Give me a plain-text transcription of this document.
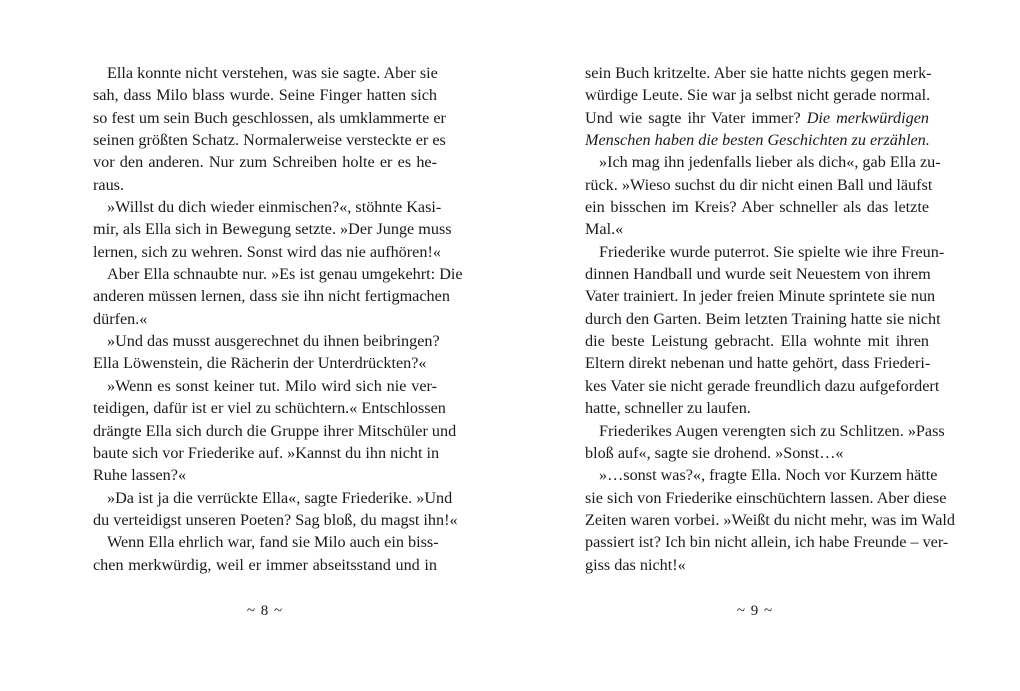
Ella konnte nicht verstehen, was sie sagte. Aber sie
sah, dass Milo blass wurde. Seine Finger hatten sich
so fest um sein Buch geschlossen, als umklammerte er
seinen größten Schatz. Normalerweise versteckte er es
vor den anderen. Nur zum Schreiben holte er es he-
raus.
»Willst du dich wieder einmischen?«, stöhnte Kasi-
mir, als Ella sich in Bewegung setzte. »Der Junge muss
lernen, sich zu wehren. Sonst wird das nie aufhören!«
Aber Ella schnaubte nur. »Es ist genau umgekehrt: Die
anderen müssen lernen, dass sie ihn nicht fertigmachen
dürfen.«
»Und das musst ausgerechnet du ihnen beibringen?
Ella Löwenstein, die Rächerin der Unterdrückten?«
»Wenn es sonst keiner tut. Milo wird sich nie ver-
teidigen, dafür ist er viel zu schüchtern.« Entschlossen
drängte Ella sich durch die Gruppe ihrer Mitschüler und
baute sich vor Friederike auf. »Kannst du ihn nicht in
Ruhe lassen?«
»Da ist ja die verrückte Ella«, sagte Friederike. »Und
du verteidigst unseren Poeten? Sag bloß, du magst ihn!«
Wenn Ella ehrlich war, fand sie Milo auch ein biss-
chen merkwürdig, weil er immer abseitsstand und in
sein Buch kritzelte. Aber sie hatte nichts gegen merk-
würdige Leute. Sie war ja selbst nicht gerade normal.
Und wie sagte ihr Vater immer? Die merkwürdigen
Menschen haben die besten Geschichten zu erzählen.
»Ich mag ihn jedenfalls lieber als dich«, gab Ella zu-
rück. »Wieso suchst du dir nicht einen Ball und läufst
ein bisschen im Kreis? Aber schneller als das letzte
Mal.«
Friederike wurde puterrot. Sie spielte wie ihre Freun-
dinnen Handball und wurde seit Neuestem von ihrem
Vater trainiert. In jeder freien Minute sprintete sie nun
durch den Garten. Beim letzten Training hatte sie nicht
die beste Leistung gebracht. Ella wohnte mit ihren
Eltern direkt nebenan und hatte gehört, dass Friederi-
kes Vater sie nicht gerade freundlich dazu aufgefordert
hatte, schneller zu laufen.
Friederikes Augen verengten sich zu Schlitzen. »Pass
bloß auf«, sagte sie drohend. »Sonst…«
»…sonst was?«, fragte Ella. Noch vor Kurzem hätte
sie sich von Friederike einschüchtern lassen. Aber diese
Zeiten waren vorbei. »Weißt du nicht mehr, was im Wald
passiert ist? Ich bin nicht allein, ich habe Freunde – ver-
giss das nicht!«
~ 8 ~	~ 9 ~
